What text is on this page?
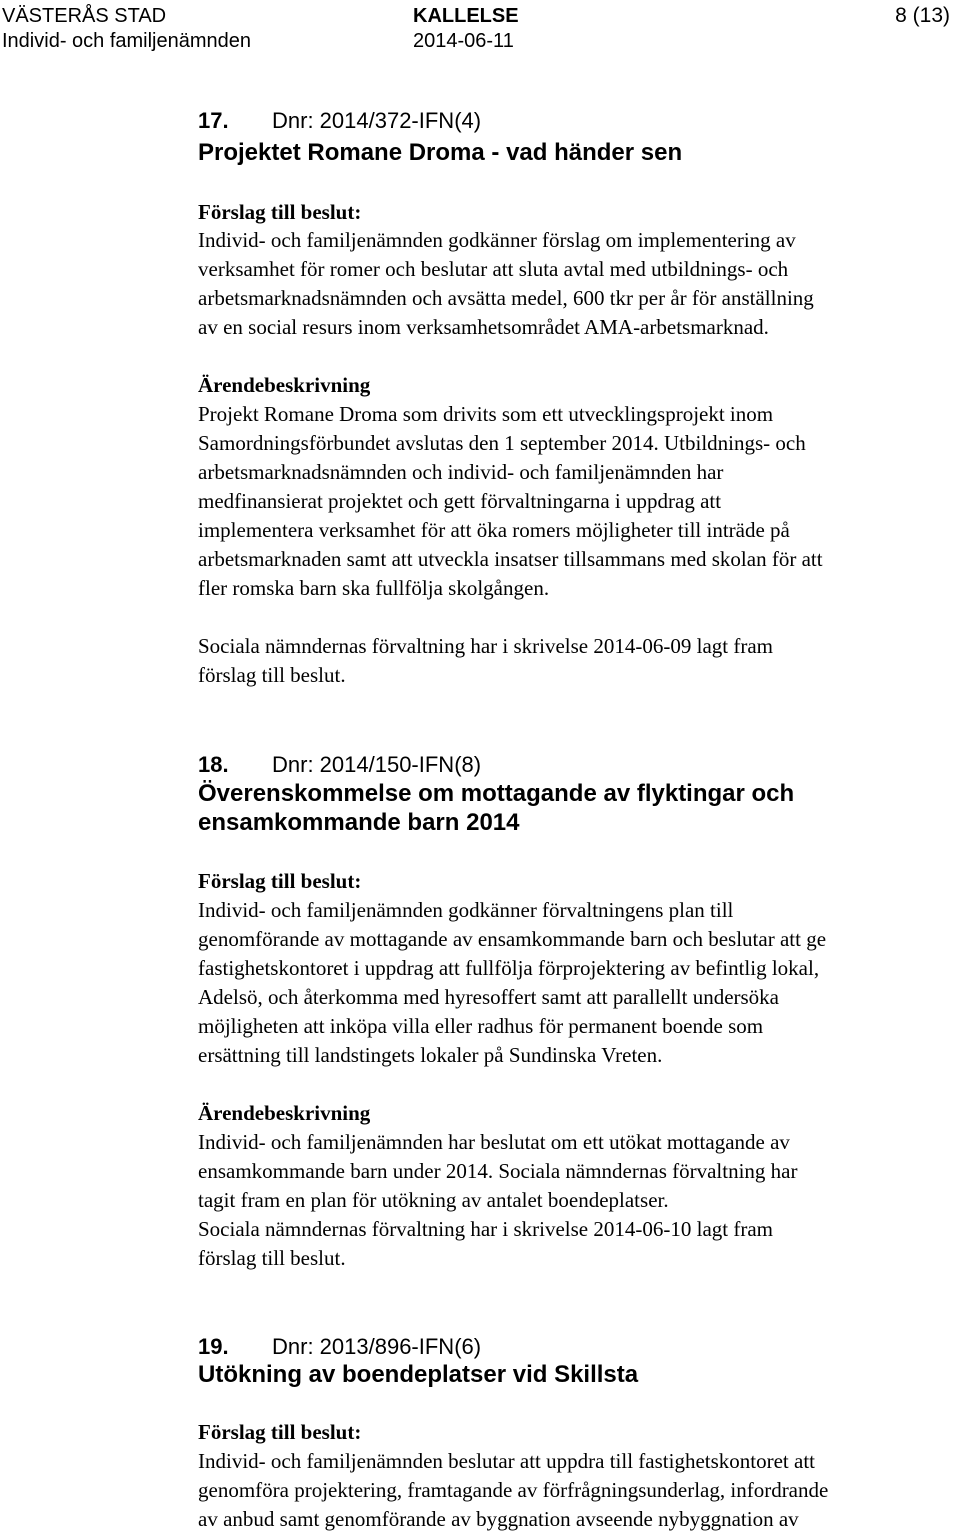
VÄSTERÅS STAD	KALLELSE	8 (13)
Individ- och familjenämnden	2014-06-11
17. Dnr: 2014/372-IFN(4)
Projektet Romane Droma - vad händer sen
Förslag till beslut:
Individ- och familjenämnden godkänner förslag om implementering av
verksamhet för romer och beslutar att sluta avtal med utbildnings- och
arbetsmarknadsnämnden och avsätta medel, 600 tkr per år för anställning
av en social resurs inom verksamhetsområdet AMA-arbetsmarknad.
Ärendebeskrivning
Projekt Romane Droma som drivits som ett utvecklingsprojekt inom
Samordningsförbundet avslutas den 1 september 2014. Utbildnings- och
arbetsmarknadsnämnden och individ- och familjenämnden har
medfinansierat projektet och gett förvaltningarna i uppdrag att
implementera verksamhet för att öka romers möjligheter till inträde på
arbetsmarknaden samt att utveckla insatser tillsammans med skolan för att
fler romska barn ska fullfölja skolgången.
Sociala nämndernas förvaltning har i skrivelse 2014-06-09 lagt fram
förslag till beslut.
18. Dnr: 2014/150-IFN(8)
Överenskommelse om mottagande av flyktingar och
ensamkommande barn 2014
Förslag till beslut:
Individ- och familjenämnden godkänner förvaltningens plan till
genomförande av mottagande av ensamkommande barn och beslutar att ge
fastighetskontoret i uppdrag att fullfölja förprojektering av befintlig lokal,
Adelsö, och återkomma med hyresoffert samt att parallellt undersöka
möjligheten att inköpa villa eller radhus för permanent boende som
ersättning till landstingets lokaler på Sundinska Vreten.
Ärendebeskrivning
Individ- och familjenämnden har beslutat om ett utökat mottagande av
ensamkommande barn under 2014. Sociala nämndernas förvaltning har
tagit fram en plan för utökning av antalet boendeplatser.
Sociala nämndernas förvaltning har i skrivelse 2014-06-10 lagt fram
förslag till beslut.
19. Dnr: 2013/896-IFN(6)
Utökning av boendeplatser vid Skillsta
Förslag till beslut:
Individ- och familjenämnden beslutar att uppdra till fastighetskontoret att
genomföra projektering, framtagande av förfrågningsunderlag, infordrande
av anbud samt genomförande av byggnation avseende nybyggnation av
